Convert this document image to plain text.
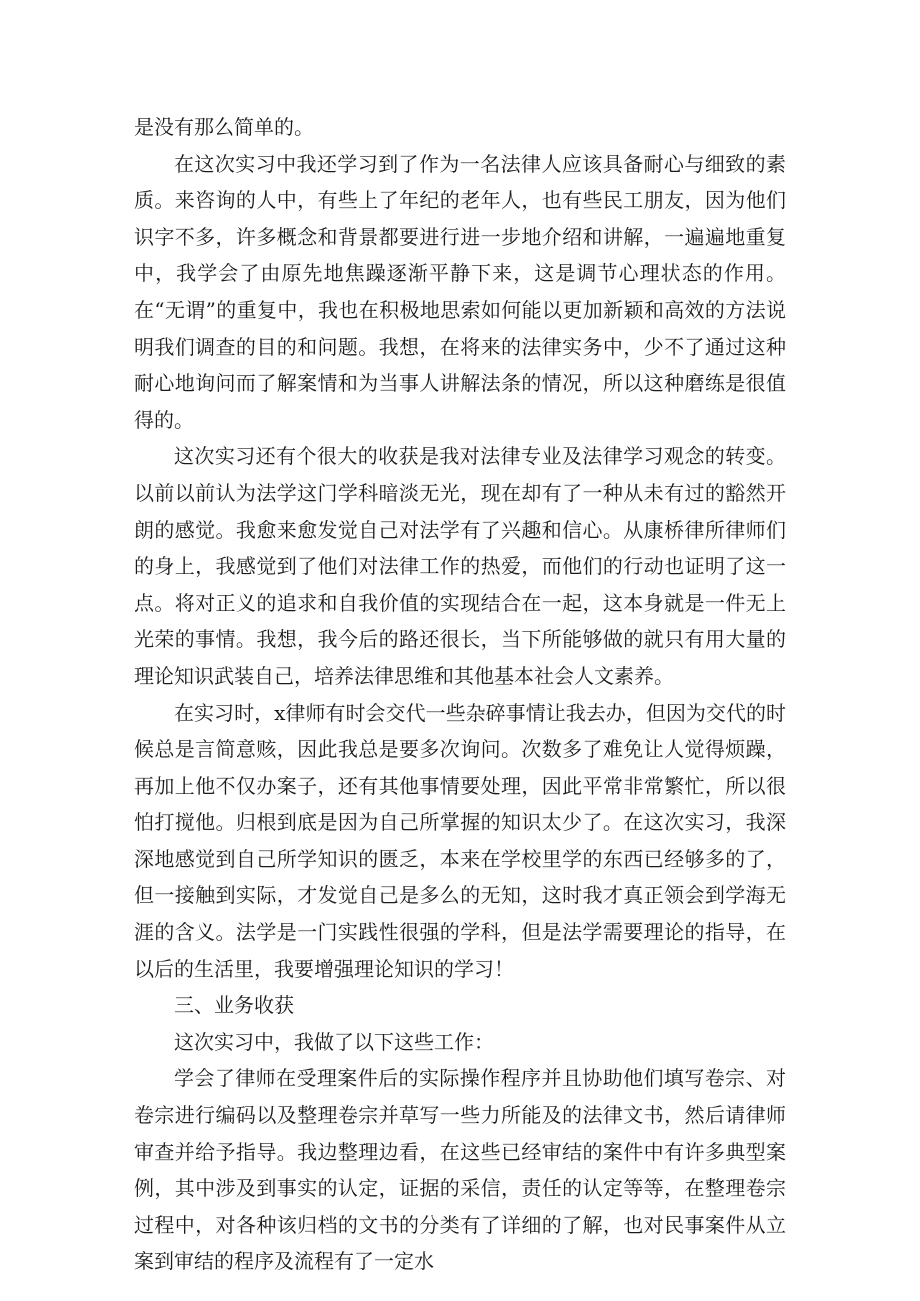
是没有那么简单的。

在这次实习中我还学习到了作为一名法律人应该具备耐心与细致的素质。来咨询的人中，有些上了年纪的老年人，也有些民工朋友，因为他们识字不多，许多概念和背景都要进行进一步地介绍和讲解，一遍遍地重复中，我学会了由原先地焦躁逐渐平静下来，这是调节心理状态的作用。在“无谓”的重复中，我也在积极地思索如何能以更加新颖和高效的方法说明我们调查的目的和问题。我想，在将来的法律实务中，少不了通过这种耐心地询问而了解案情和为当事人讲解法条的情况，所以这种磨练是很值得的。

这次实习还有个很大的收获是我对法律专业及法律学习观念的转变。以前以前认为法学这门学科暗淡无光，现在却有了一种从未有过的豁然开朗的感觉。我愈来愈发觉自己对法学有了兴趣和信心。从康桥律所律师们的身上，我感觉到了他们对法律工作的热爱，而他们的行动也证明了这一点。将对正义的追求和自我价值的实现结合在一起，这本身就是一件无上光荣的事情。我想，我今后的路还很长，当下所能够做的就只有用大量的理论知识武装自己，培养法律思维和其他基本社会人文素养。

在实习时，x律师有时会交代一些杂碎事情让我去办，但因为交代的时候总是言简意赅，因此我总是要多次询问。次数多了难免让人觉得烦躁，再加上他不仅办案子，还有其他事情要处理，因此平常非常繁忙，所以很怕打搅他。归根到底是因为自己所掌握的知识太少了。在这次实习，我深深地感觉到自己所学知识的匮乏，本来在学校里学的东西已经够多的了，但一接触到实际，才发觉自己是多么的无知，这时我才真正领会到学海无涯的含义。法学是一门实践性很强的学科，但是法学需要理论的指导，在以后的生活里，我要增强理论知识的学习！

三、业务收获

这次实习中，我做了以下这些工作：

学会了律师在受理案件后的实际操作程序并且协助他们填写卷宗、对卷宗进行编码以及整理卷宗并草写一些力所能及的法律文书，然后请律师审查并给予指导。我边整理边看，在这些已经审结的案件中有许多典型案例，其中涉及到事实的认定，证据的采信，责任的认定等等，在整理卷宗过程中，对各种该归档的文书的分类有了详细的了解，也对民事案件从立案到审结的程序及流程有了一定水
